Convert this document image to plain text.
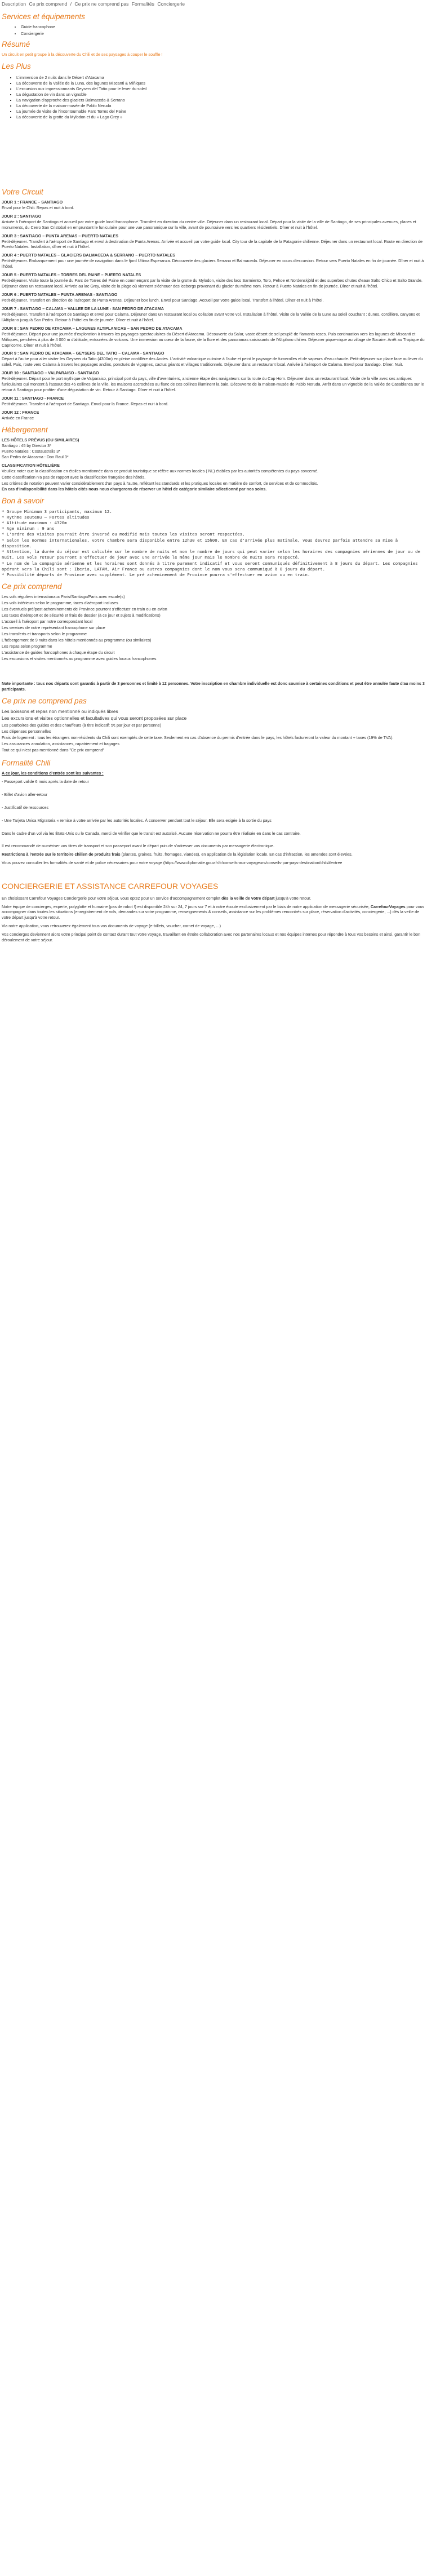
Description Ce prix comprend / Ce prix ne comprend pas Formalités Conciergerie
Services et équipements
• Guide francophone
• Conciergerie
Résumé

Un circuit en petit groupe à la découverte du Chili et de ses paysages à couper le souffle !

Les Plus
▪ L'immersion de 2 nuits dans le Désert d'Atacama
▪ La découverte de la Vallée de la Luna, des lagunes Miscanti & Miñiques
▪ L'excursion aux impressionnants Geysers del Tatio pour le lever du soleil
▪ La dégustation de vin dans un vignoble
▪ La navigation d'approche des glaciers Balmaceda & Serrano
▪ La découverte de la maison-musée de Pablo Neruda
▪ La journée de visite de l'incontournable Parc Torres del Paine
▪ La découverte de la grotte du Mylodon et du « Lago Grey »
Votre Circuit
JOUR 1 : FRANCE – SANTIAGO
Envol pour le Chili. Repas et nuit à bord.
JOUR 2 : SANTIAGO
Arrivée à l'aéroport de Santiago et accueil par votre guide local francophone. Transfert en direction du centre-ville. Déjeuner dans un restaurant local. Départ pour la visite de la ville de Santiago, de ses principales avenues, places et monuments, du Cerro San Cristobal en empruntant le funiculaire pour une vue panoramique sur la ville, avant de poursuivre vers les quartiers résidentiels. Dîner et nuit à l'hôtel.
JOUR 3 : SANTIAGO – PUNTA ARENAS – PUERTO NATALES
Petit-déjeuner. Transfert à l'aéroport de Santiago et envol à destination de Punta Arenas. Arrivée et accueil par votre guide local. City tour de la capitale de la Patagonie chilienne. Déjeuner dans un restaurant local. Route en direction de Puerto Natales. Installation, dîner et nuit à l'hôtel.
JOUR 4 : PUERTO NATALES – GLACIERS BALMACEDA & SERRANO – PUERTO NATALES
Petit-déjeuner. Embarquement pour une journée de navigation dans le fjord Ultima Esperanza. Découverte des glaciers Serrano et Balmaceda. Déjeuner en cours d'excursion. Retour vers Puerto Natales en fin de journée. Dîner et nuit à l'hôtel.
JOUR 5 : PUERTO NATALES – TORRES DEL PAINE – PUERTO NATALES
Petit-déjeuner. Visite toute la journée du Parc de Torres del Paine en commençant par la visite de la grotte du Mylodon, visite des lacs Sarmiento, Toro, Pehoe et Nordenskjöld et des superbes chutes d'eaux Salto Chico et Salto Grande. Déjeuner dans un restaurant local. Arrivée au lac Grey, visite de la plage où viennent s'échouer des icebergs provenant du glacier du même nom. Retour à Puerto Natales en fin de journée. Dîner et nuit à l'hôtel.
JOUR 6 : PUERTO NATALES – PUNTA ARENAS - SANTIAGO
Petit-déjeuner. Transfert en direction de l'aéroport de Punta Arenas. Déjeuner box lunch. Envol pour Santiago. Accueil par votre guide local. Transfert à l'hôtel. Dîner et nuit à l'hôtel.
JOUR 7 : SANTIAGO – CALAMA – VALLEE DE LA LUNE - SAN PEDRO DE ATACAMA
Petit-déjeuner. Transfert à l'aéroport de Santiago et envol pour Calama. Déjeuner dans un restaurant local ou collation avant votre vol. Installation à l'hôtel. Visite de la Vallée de la Lune au soleil couchant : dunes, cordillère, canyons et l'Altiplano jusqu'à San Pedro. Retour à l'hôtel en fin de journée. Dîner et nuit à l'hôtel.
JOUR 8 : SAN PEDRO DE ATACAMA – LAGUNES ALTIPLANICAS – SAN PEDRO DE ATACAMA
Petit-déjeuner. Départ pour une journée d'exploration à travers les paysages spectaculaires du Désert d'Atacama. Découverte du Salar, vaste désert de sel peuplé de flamants roses. Puis continuation vers les lagunes de Miscanti et Miñiques, perchées à plus de 4 000 m d'altitude, entourées de volcans. Une immersion au cœur de la faune, de la flore et des panoramas saisissants de l'Altiplano chilien. Déjeuner pique-nique au village de Socaire. Arrêt au Tropique du Capricorne. Dîner et nuit à l'hôtel.
JOUR 9 : SAN PEDRO DE ATACAMA – GEYSERS DEL TATIO – CALAMA - SANTIAGO
Départ à l'aube pour aller visiter les Geysers du Tatio (4300m) en pleine cordillère des Andes. L'activité volcanique culmine à l'aube et peint le paysage de fumerolles et de vapeurs d'eau chaude. Petit-déjeuner sur place face au lever du soleil. Puis, route vers Calama à travers les paysages andins, ponctués de vigognes, cactus géants et villages traditionnels. Déjeuner dans un restaurant local. Arrivée à l'aéroport de Calama. Envol pour Santiago. Dîner. Nuit.
JOUR 10 : SANTIAGO – VALPARAISO - SANTIAGO
Petit-déjeuner. Départ pour le port mythique de Valparaiso, principal port du pays, ville d'aventuriers, ancienne étape des navigateurs sur la route du Cap Horn. Déjeuner dans un restaurant local. Visite de la ville avec ses antiques funiculaires qui montent à l'assaut des 45 collines de la ville, les maisons accrochées au flanc de ces collines illuminent la baie. Découverte de la maison-musée de Pablo Neruda. Arrêt dans un vignoble de la Vallée de Casablanca sur le retour à Santiago pour profiter d'une dégustation de vin. Retour à Santiago. Dîner et nuit à l'hôtel.
JOUR 11 : SANTIAGO - FRANCE
Petit-déjeuner. Transfert à l'aéroport de Santiago. Envol pour la France. Repas et nuit à bord.
JOUR 12 : FRANCE
Arrivée en France
Hébergement
LES HÔTELS PRÉVUS (OU SIMILAIRES)
Santiago : 45 by Director 3*
Puerto Natales : Costaustralis 3*
San Pedro de Atacama : Don Raul 3*
CLASSIFICATION HÔTELIÈRE
Veuillez noter que la classification en étoiles mentionnée dans ce produit touristique se réfère aux normes locales ( NL) établies par les autorités compétentes du pays concerné.
Cette classification n'a pas de rapport avec la classification française des hôtels.
Les critères de notation peuvent varier considérablement d'un pays à l'autre, reflétant les standards et les pratiques locales en matière de confort, de services et de commodités.
En cas d'indisponibilité dans les hôtels cités nous nous chargerons de réserver un hôtel de catégorie similaire sélectionné par nos soins.
Bon à savoir
* Groupe Minimum 3 participants, maximum 12.
* Rythme soutenu – Fortes altitudes
* Altitude maximum : 4320m
* Age minimum : 9 ans
* L'ordre des visites pourrait être inversé ou modifié mais toutes les visites seront respectées.
* Selon les normes internationales, votre chambre sera disponible entre 12h30 et 15h00. En cas d'arrivée plus matinale, vous devrez parfois attendre sa mise à disposition.
* Attention, la durée du séjour est calculée sur le nombre de nuits et non le nombre de jours qui peut varier selon les horaires des compagnies aériennes de jour ou de nuit. Les vols retour pourront s'effectuer de jour avec une arrivée le même jour mais le nombre de nuits sera respecté.
* Le nom de la compagnie aérienne et les horaires sont donnés à titre purement indicatif et vous seront communiqués définitivement à 8 jours du départ. Les compagnies opérant vers la Chili sont : Iberia, LATAM, Air France ou autres compagnies dont le nom vous sera communiqué à 8 jours du départ.
* Possibilité départs de Province avec supplément. Le pré acheminement de Province pourra s'effectuer en avion ou en train.
Ce prix comprend
Les vols réguliers internationaux Paris/Santiago/Paris avec escale(s)
Les vols intérieurs selon le programme, taxes d'aéroport incluses
Les éventuels pré/post acheminements de Province pourront s'effectuer en train ou en avion
Les taxes d'aéroport et de sécurité et frais de dossier (à ce jour et sujets à modifications)
L'accueil à l'aéroport par notre correspondant local
Les services de notre représentant francophone sur place
Les transferts et transports selon le programme
L'hébergement de 9 nuits dans les hôtels mentionnés au programme (ou similaires)
Les repas selon programme
L'assistance de guides francophones à chaque étape du circuit
Les excursions et visites mentionnés au programme avec guides locaux francophones

Note importante : tous nos départs sont garantis à partir de 3 personnes et limité à 12 personnes. Votre inscription en chambre individuelle est donc soumise à certaines conditions et peut être annulée faute d'au moins 3 participants.

Ce prix ne comprend pas
Les boissons et repas non mentionné ou indiqués libres
Les excursions et visites optionnelles et facultatives qui vous seront proposées sur place
Les pourboires des guides et des chauffeurs (à titre indicatif: 5€ par jour et par personne)
Les dépenses personnelles
Frais de logement : tous les étrangers non-résidents du Chili sont exemptés de cette taxe. Seulement en cas d'absence du permis d'entrée dans le pays, les hôtels factureront la valeur du montant + taxes (19% de TVA).
Les assurances annulation, assistances, rapatriement et bagages
Tout ce qui n'est pas mentionné dans "Ce prix comprend"
Formalité Chili

A ce jour, les conditions d'entrée sont les suivantes :

- Passeport valide 6 mois après la date de retour

- Billet d'avion aller-retour

- Justificatif de ressources

- Une Tarjeta Unica Migratoria « remise à votre arrivée par les autorités locales. À conserver pendant tout le séjour. Elle sera exigée à la sortie du pays

Dans le cadre d'un vol via les États-Unis ou le Canada, merci de vérifier que le transit est autorisé. Aucune réservation ne pourra être réalisée en dans le cas contraire.

Il est recommandé de numériser vos titres de transport et son passeport avant le départ puis de s'adresser vos documents par messagerie électronique.

Restrictions à l'entrée sur le territoire chilien de produits frais (plantes, graines, fruits, fromages, viandes), en application de la législation locale. En cas d'infraction, les amendes sont élevées.

Vous pouvez consulter les formalités de santé et de police nécessaires pour votre voyage (https://www.diplomatie.gouv.fr/fr/conseils-aux-voyageurs/conseils-par-pays-destination/chili/#entree

CONCIERGERIE ET ASSISTANCE CARREFOUR VOYAGES

En choisissant Carrefour Voyages Conciergerie pour votre séjour, vous optez pour un service d'accompagnement complet dès la veille de votre départ jusqu'à votre retour.

Notre équipe de concierges, experte, polyglotte et humaine (pas de robot !) est disponible 24h sur 24, 7 jours sur 7 et à votre écoute exclusivement par le biais de notre application de messagerie sécurisée, CarrefourVoyages pour vous accompagner dans toutes les situations (enregistrement de vols, demandes sur votre programme, renseignements & conseils, assistance sur les problèmes rencontrés sur place, réservation d'activités, conciergerie, ...) dès la veille de votre départ jusqu'à votre retour.

Via notre application, vous retrouverez également tous vos documents de voyage (e-billets, voucher, carnet de voyage, ...)

Vos concierges deviennent alors votre principal point de contact durant tout votre voyage, travaillant en étroite collaboration avec nos partenaires locaux et nos équipes internes pour répondre à tous vos besoins et ainsi, garantir le bon déroulement de votre séjour.
